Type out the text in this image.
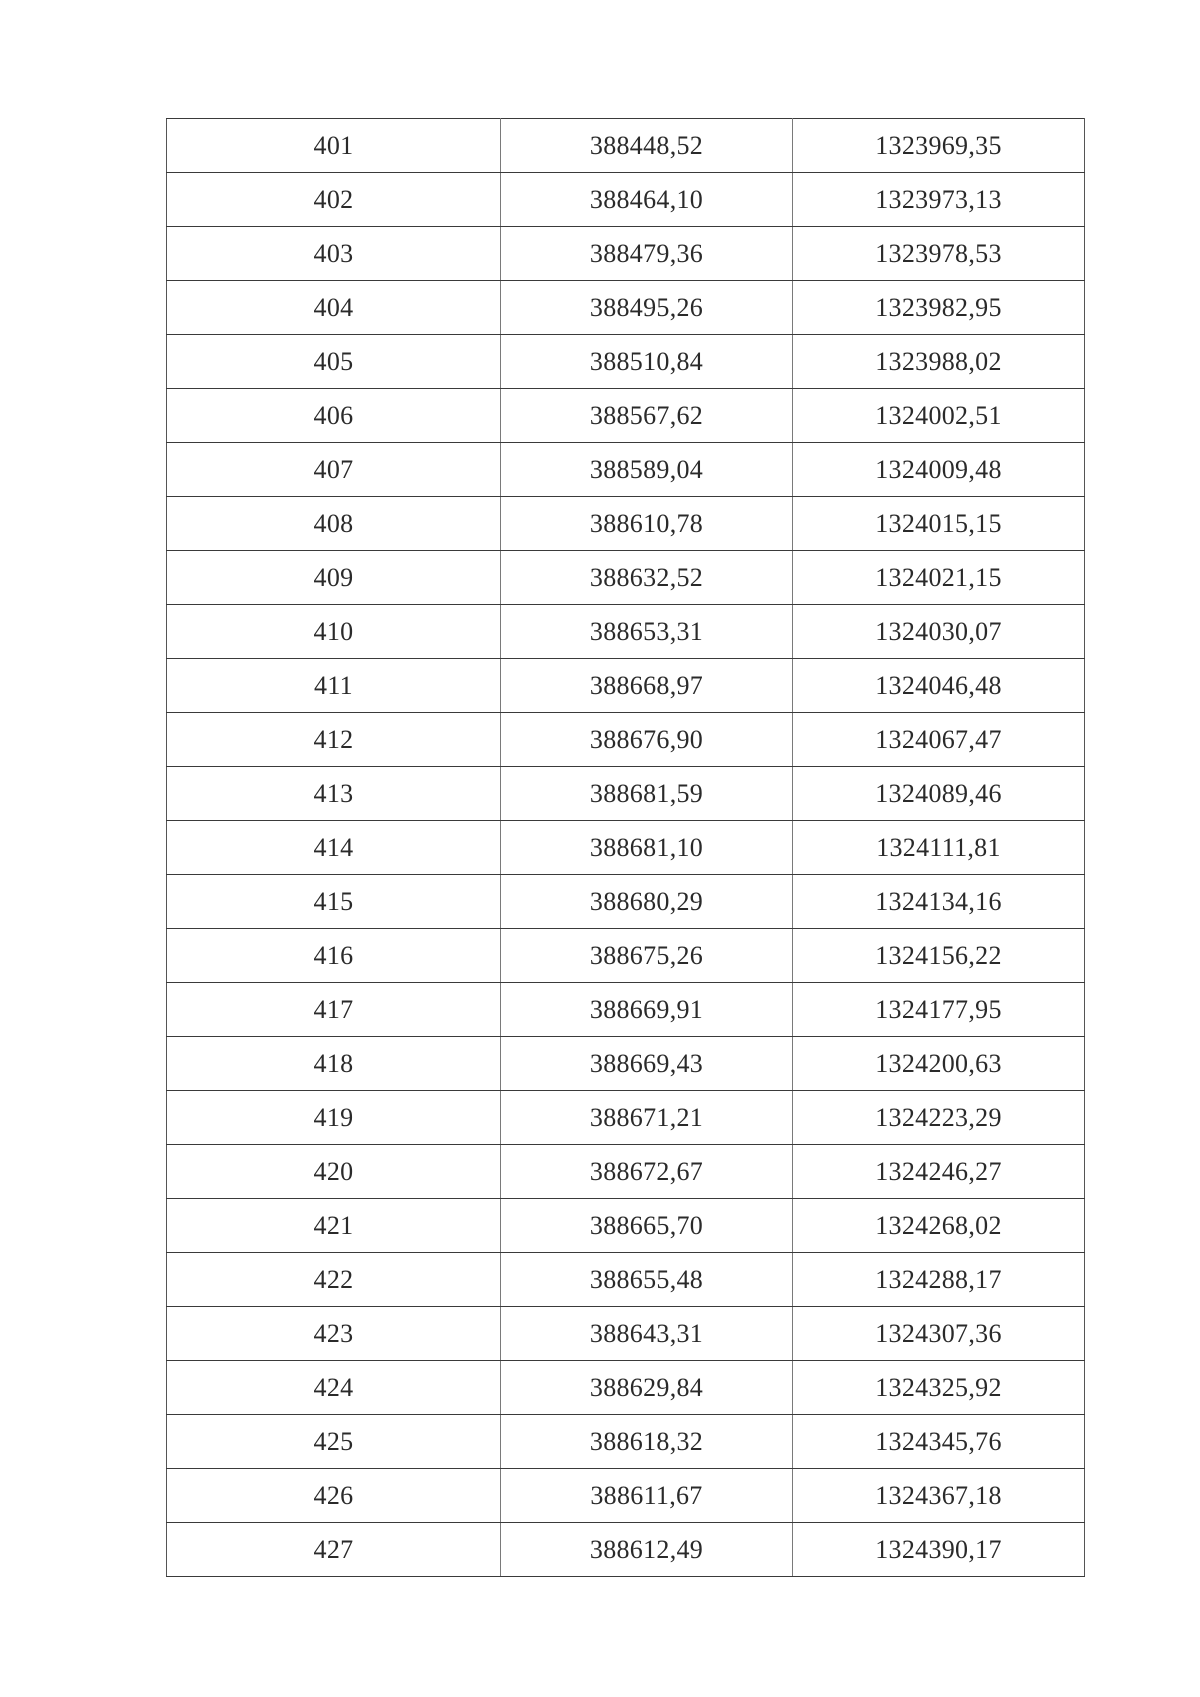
401	388448,52	1323969,35
402	388464,10	1323973,13
403	388479,36	1323978,53
404	388495,26	1323982,95
405	388510,84	1323988,02
406	388567,62	1324002,51
407	388589,04	1324009,48
408	388610,78	1324015,15
409	388632,52	1324021,15
410	388653,31	1324030,07
411	388668,97	1324046,48
412	388676,90	1324067,47
413	388681,59	1324089,46
414	388681,10	1324111,81
415	388680,29	1324134,16
416	388675,26	1324156,22
417	388669,91	1324177,95
418	388669,43	1324200,63
419	388671,21	1324223,29
420	388672,67	1324246,27
421	388665,70	1324268,02
422	388655,48	1324288,17
423	388643,31	1324307,36
424	388629,84	1324325,92
425	388618,32	1324345,76
426	388611,67	1324367,18
427	388612,49	1324390,17
